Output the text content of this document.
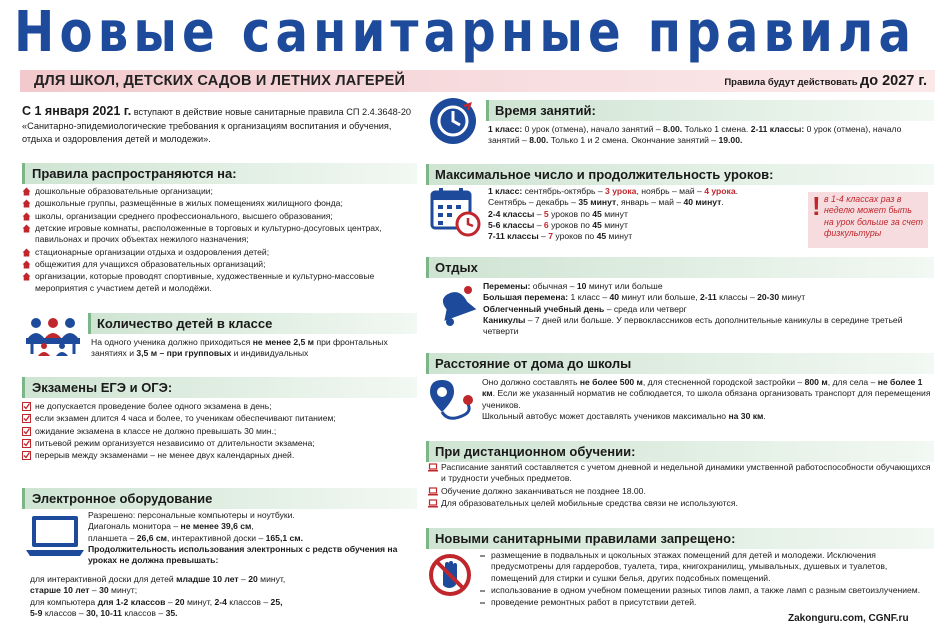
Новые санитарные правила
ДЛЯ ШКОЛ, ДЕТСКИХ САДОВ И ЛЕТНИХ ЛАГЕРЕЙ	Правила будут действовать до 2027 г.
С 1 января 2021 г. вступают в действие новые санитарные правила СП 2.4.3648-20 «Санитарно-эпидемиологические требования к организациям воспитания и обучения, отдыха и оздоровления детей и молодежи».
Правила распространяются на:
дошкольные образовательные организации;
дошкольные группы, размещённые в жилых помещениях жилищного фонда;
школы, организации среднего профессионального, высшего образования;
детские игровые комнаты, расположенные в торговых и культурно-досуговых центрах, павильонах и прочих объектах нежилого назначения;
стационарные организации отдыха и оздоровления детей;
общежития для учащихся образовательных организаций;
организации, которые проводят спортивные, художественные и культурно-массовые мероприятия с участием детей и молодёжи.
Количество детей в классе
На одного ученика должно приходиться не менее 2,5 м при фронтальных занятиях и 3,5 м – при групповых и индивидуальных
Экзамены ЕГЭ и ОГЭ:
не допускается проведение более одного экзамена в день;
если экзамен длится 4 часа и более, то ученикам обеспечивают питанием;
ожидание экзамена в классе не должно превышать 30 мин.;
питьевой режим организуется независимо от длительности экзамена;
перерыв между экзаменами – не менее двух календарных дней.
Электронное оборудование
Разрешено: персональные компьютеры и ноутбуки.
Диагональ монитора – не менее 39,6 см,
планшета – 26,6 см, интерактивной доски – 165,1 см.
Продолжительность использования электронных с редств обучения на уроках не должна превышать:
для интерактивной доски для детей младше 10 лет – 20 минут,
старше 10 лет – 30 минут;
для компьютера для 1-2 классов – 20 минут, 2-4 классов – 25,
5-9 классов – 30, 10-11 классов – 35.
Время занятий:
1 класс: 0 урок (отмена), начало занятий – 8.00. Только 1 смена. 2-11 классы: 0 урок (отмена), начало занятий – 8.00. Только 1 и 2 смена. Окончание занятий – 19.00.
Максимальное число и продолжительность уроков:
1 класс: сентябрь-октябрь – 3 урока, ноябрь – май – 4 урока.
Сентябрь – декабрь – 35 минут, январь – май – 40 минут.
2-4 классы – 5 уроков по 45 минут
5-6 классы – 6 уроков по 45 минут
7-11 классы – 7 уроков по 45 минут
! в 1-4 классах раз в неделю может быть на урок больше за счет физкультуры
Отдых
Перемены: обычная – 10 минут или больше
Большая перемена: 1 класс – 40 минут или больше, 2-11 классы – 20-30 минут
Облегченный учебный день – среда или четверг
Каникулы – 7 дней или больше. У первоклассников есть дополнительные каникулы в середине третьей четверти
Расстояние от дома до школы
Оно должно составлять не более 500 м, для стесненной городской застройки – 800 м, для села – не более 1 км. Если же указанный норматив не соблюдается, то школа обязана организовать транспорт для перемещения учеников.
Школьный автобус может доставлять учеников максимально на 30 км.
При дистанционном обучении:
Расписание занятий составляется с учетом дневной и недельной динамики умственной работоспособности обучающихся и трудности учебных предметов.
Обучение должно заканчиваться не позднее 18.00.
Для образовательных целей мобильные средства связи не используются.
Новыми санитарными правилами запрещено:
размещение в подвальных и цокольных этажах помещений для детей и молодежи. Исключения предусмотрены для гардеробов, туалета, тира, книгохранилищ, умывальных, душевых и туалетов, помещений для стирки и сушки белья, других подсобных помещений.
использование в одном учебном помещении разных типов ламп, а также ламп с разным светоизлучением.
проведение ремонтных работ в присутствии детей.
Zakonguru.com, CGNF.ru
